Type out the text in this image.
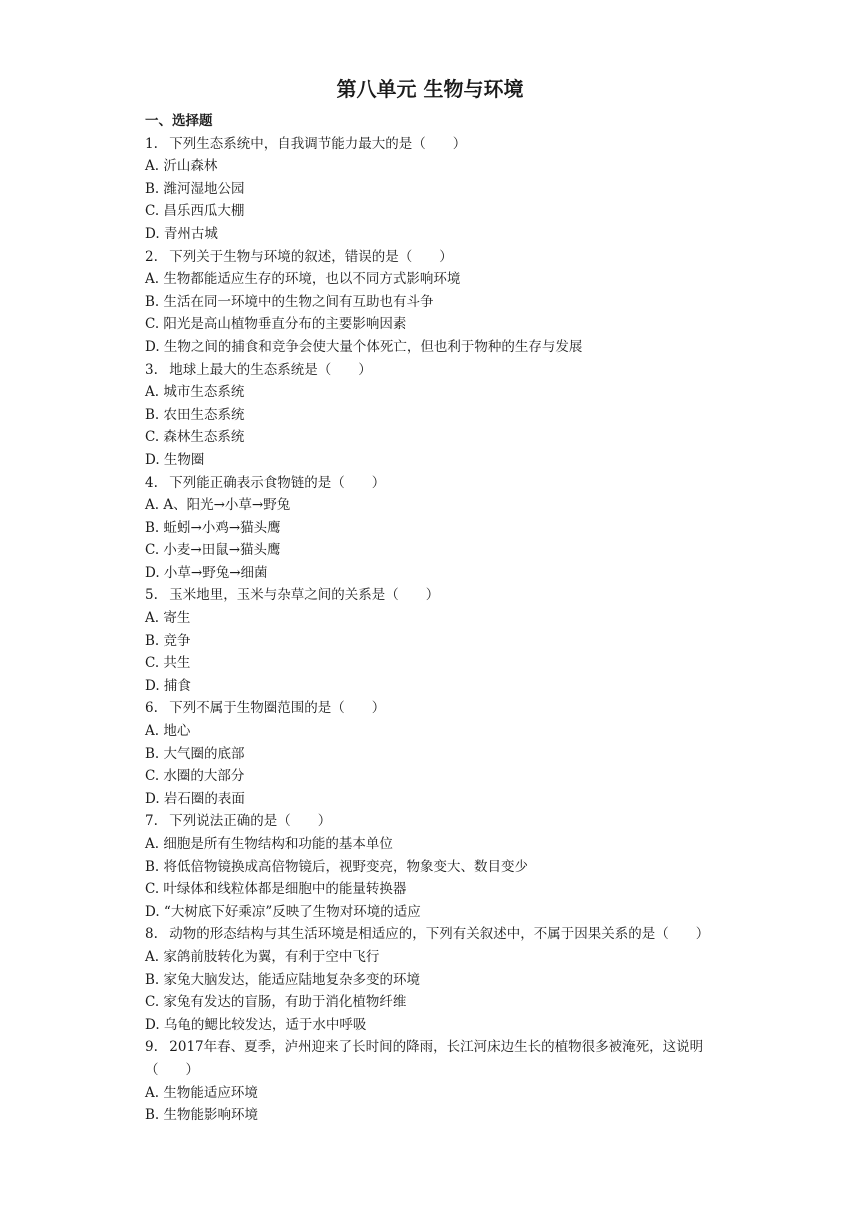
第八单元 生物与环境
一、选择题

1. 下列生态系统中，自我调节能力最大的是（　　）

A. 沂山森林

B. 潍河湿地公园

C. 昌乐西瓜大棚

D. 青州古城

2. 下列关于生物与环境的叙述，错误的是（　　）

A. 生物都能适应生存的环境，也以不同方式影响环境

B. 生活在同一环境中的生物之间有互助也有斗争

C. 阳光是高山植物垂直分布的主要影响因素

D. 生物之间的捕食和竞争会使大量个体死亡，但也利于物种的生存与发展

3. 地球上最大的生态系统是（　　）

A. 城市生态系统

B. 农田生态系统

C. 森林生态系统

D. 生物圈

4. 下列能正确表示食物链的是（　　）

A. A、阳光→小草→野兔

B. 蚯蚓→小鸡→猫头鹰

C. 小麦→田鼠→猫头鹰

D. 小草→野兔→细菌

5. 玉米地里，玉米与杂草之间的关系是（　　）

A. 寄生

B. 竞争

C. 共生

D. 捕食

6. 下列不属于生物圈范围的是（　　）

A. 地心

B. 大气圈的底部

C. 水圈的大部分

D. 岩石圈的表面

7. 下列说法正确的是（　　）

A. 细胞是所有生物结构和功能的基本单位

B. 将低倍物镜换成高倍物镜后，视野变亮，物象变大、数目变少

C. 叶绿体和线粒体都是细胞中的能量转换器

D. “大树底下好乘凉”反映了生物对环境的适应

8. 动物的形态结构与其生活环境是相适应的，下列有关叙述中，不属于因果关系的是（　　）

A. 家鸽前肢转化为翼，有利于空中飞行

B. 家兔大脑发达，能适应陆地复杂多变的环境

C. 家兔有发达的盲肠，有助于消化植物纤维

D. 乌龟的鳃比较发达，适于水中呼吸

9. 2017年春、夏季，泸州迎来了长时间的降雨，长江河床边生长的植物很多被淹死，这说明（　　）

A. 生物能适应环境

B. 生物能影响环境
